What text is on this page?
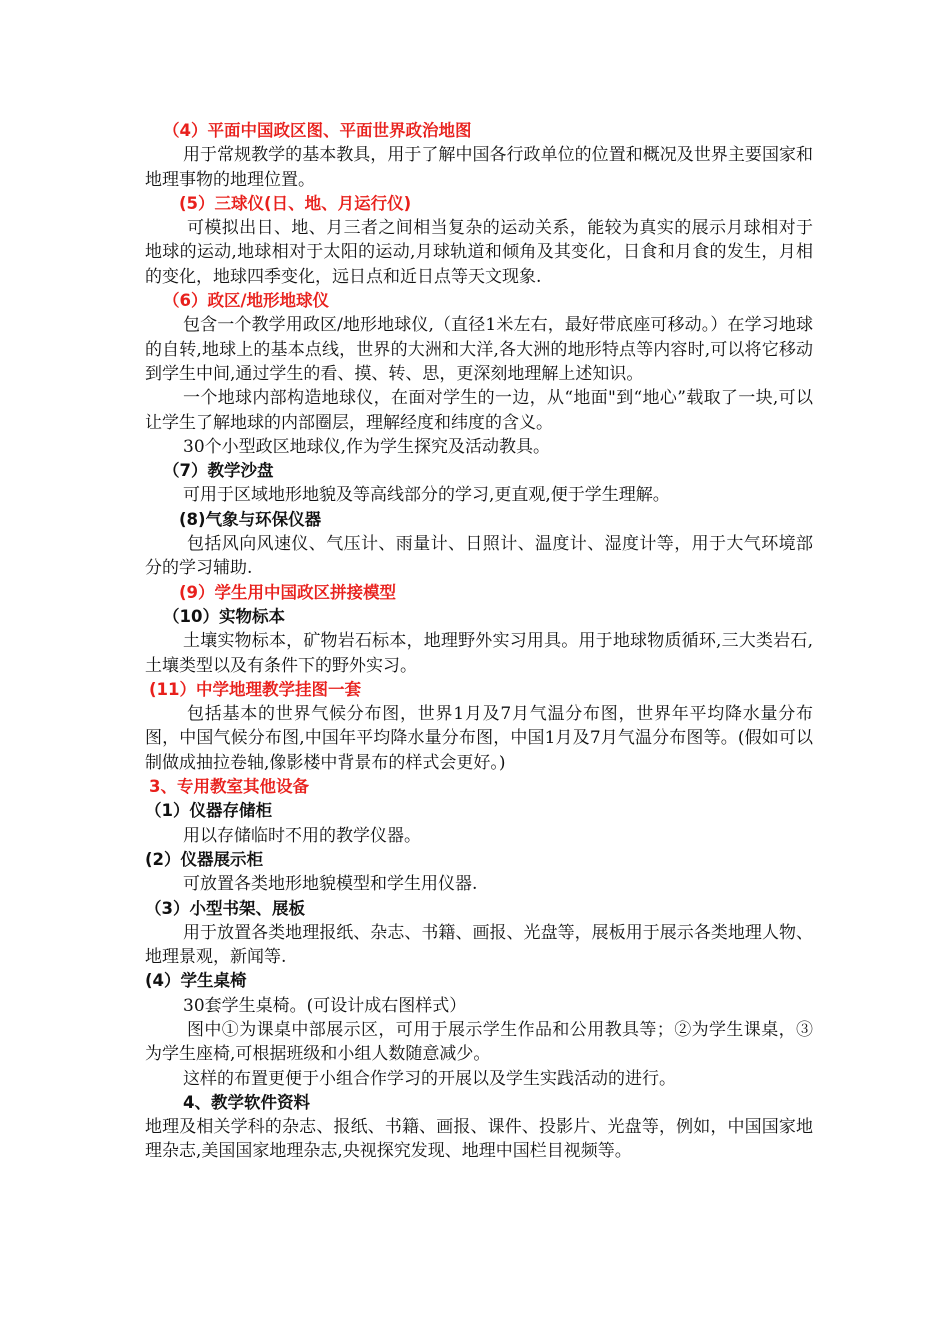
（4）平面中国政区图、平面世界政治地图

用于常规教学的基本教具，用于了解中国各行政单位的位置和概况及世界主要国家和地理事物的地理位置。

(5）三球仪(日、地、月运行仪)

可模拟出日、地、月三者之间相当复杂的运动关系，能较为真实的展示月球相对于地球的运动,地球相对于太阳的运动,月球轨道和倾角及其变化，日食和月食的发生，月相的变化，地球四季变化，远日点和近日点等天文现象.

（6）政区/地形地球仪

包含一个教学用政区/地形地球仪,（直径1米左右，最好带底座可移动。）在学习地球的自转,地球上的基本点线，世界的大洲和大洋,各大洲的地形特点等内容时,可以将它移动到学生中间,通过学生的看、摸、转、思，更深刻地理解上述知识。

一个地球内部构造地球仪，在面对学生的一边，从“地面"到“地心”载取了一块,可以让学生了解地球的内部圈层，理解经度和纬度的含义。

30个小型政区地球仪,作为学生探究及活动教具。

（7）教学沙盘

可用于区域地形地貌及等高线部分的学习,更直观,便于学生理解。

(8)气象与环保仪器

包括风向风速仪、气压计、雨量计、日照计、温度计、湿度计等，用于大气环境部分的学习辅助.

(9）学生用中国政区拼接模型

（10）实物标本

土壤实物标本，矿物岩石标本，地理野外实习用具。用于地球物质循环,三大类岩石,土壤类型以及有条件下的野外实习。

(11）中学地理教学挂图一套

包括基本的世界气候分布图，世界1月及7月气温分布图，世界年平均降水量分布图，中国气候分布图,中国年平均降水量分布图，中国1月及7月气温分布图等。(假如可以制做成抽拉卷轴,像影楼中背景布的样式会更好。)

3、专用教室其他设备

（1）仪器存储柜

用以存储临时不用的教学仪器。

(2）仪器展示柜

可放置各类地形地貌模型和学生用仪器.

（3）小型书架、展板

用于放置各类地理报纸、杂志、书籍、画报、光盘等，展板用于展示各类地理人物、地理景观，新闻等.

(4）学生桌椅

30套学生桌椅。(可设计成右图样式）

图中①为课桌中部展示区，可用于展示学生作品和公用教具等；②为学生课桌，③为学生座椅,可根据班级和小组人数随意减少。

这样的布置更便于小组合作学习的开展以及学生实践活动的进行。

4、教学软件资料

地理及相关学科的杂志、报纸、书籍、画报、课件、投影片、光盘等，例如，中国国家地理杂志,美国国家地理杂志,央视探究发现、地理中国栏目视频等。
